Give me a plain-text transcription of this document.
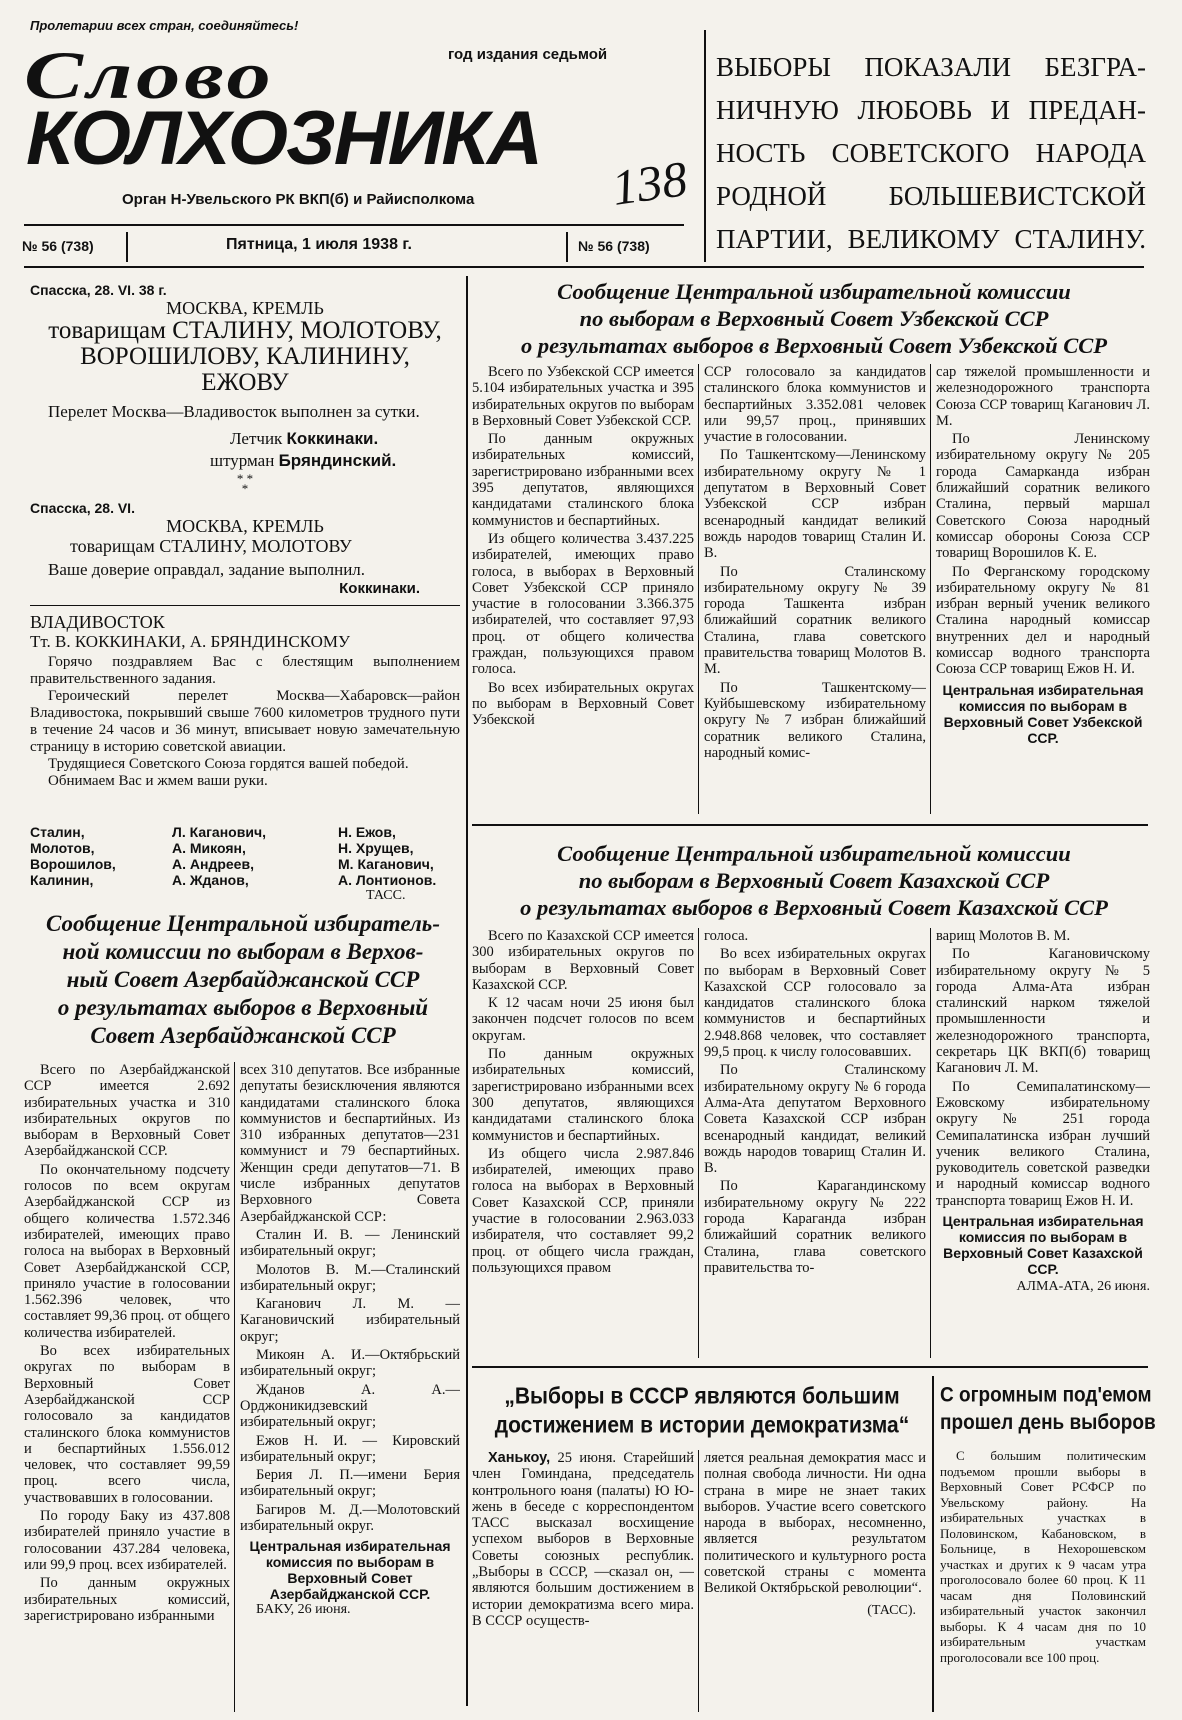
Пролетарии всех стран, соединяйтесь!
год издания седьмой
Слово
КОЛХОЗНИКА
Орган Н-Увельского РК ВКП(б) и Райисполкома	138
№ 56 (738)	Пятница, 1 июля 1938 г.	№ 56 (738)
ВЫБОРЫ ПОКАЗАЛИ БЕЗГРА-
НИЧНУЮ ЛЮБОВЬ И ПРЕДАН-
НОСТЬ СОВЕТСКОГО НАРОДА
РОДНОЙ БОЛЬШЕВИСТСКОЙ
ПАРТИИ, ВЕЛИКОМУ СТАЛИНУ.
Спасска, 28. VI. 38 г.
МОСКВА, КРЕМЛЬ
товарищам СТАЛИНУ, МОЛОТОВУ,
ВОРОШИЛОВУ, КАЛИНИНУ,
ЕЖОВУ
Перелет Москва—Владивосток выполнен за сутки.
Летчик Коккинаки.
штурман Бряндинский.
* *
*
Спасска, 28. VI.
МОСКВА, КРЕМЛЬ
товарищам СТАЛИНУ, МОЛОТОВУ
Ваше доверие оправдал, задание выполнил.
Коккинаки.
ВЛАДИВОСТОК
Тт. В. КОККИНАКИ, А. БРЯНДИНСКОМУ
Горячо поздравляем Вас с блестящим выполнением правительственного задания.
Героический перелет Москва—Хабаровск—район Владивостока, покрывший свыше 7600 километров трудного пути в течение 24 часов и 36 минут, вписывает новую замечательную страницу в историю советской авиации.
Трудящиеся Советского Союза гордятся вашей победой.
Обнимаем Вас и жмем ваши руки.
Сталин,
Молотов,
Ворошилов,
Калинин,
Л. Каганович,
А. Микоян,
А. Андреев,
А. Жданов,
Н. Ежов,
Н. Хрущев,
М. Каганович,
А. Лонтионов.
ТАСС.
Сообщение Центральной избирательной комиссии
по выборам в Верховный Совет Узбекской ССР
о результатах выборов в Верховный Совет Узбекской ССР

Всего по Узбекской ССР имеется 5.104 избирательных участка и 395 избирательных округов по выборам в Верховный Совет Узбекской ССР.

По данным окружных избирательных комиссий, зарегистрировано избранными всех 395 депутатов, являющихся кандидатами сталинского блока коммунистов и беспартийных.

Из общего количества 3.437.225 избирателей, имеющих право голоса, в выборах в Верховный Совет Узбекской ССР приняло участие в голосовании 3.366.375 избирателей, что составляет 97,93 проц. от общего количества граждан, пользующихся правом голоса.

Во всех избирательных округах по выборам в Верховный Совет Узбекской

ССР голосовало за кандидатов сталинского блока коммунистов и беспартийных 3.352.081 человек или 99,57 проц., принявших участие в голосовании.

По Ташкентскому—Ленинскому избирательному округу № 1 депутатом в Верховный Совет Узбекской ССР избран всенародный кандидат великий вождь народов товарищ Сталин И. В.

По Сталинскому избирательному округу № 39 города Ташкента избран ближайший соратник великого Сталина, глава советского правительства товарищ Молотов В. М.

По Ташкентскому—Куйбышевскому избирательному округу № 7 избран ближайший соратник великого Сталина, народный комис-

сар тяжелой промышленности и железнодорожного транспорта Союза ССР товарищ Каганович Л. М.

По Ленинскому избирательному округу № 205 города Самарканда избран ближайший соратник великого Сталина, первый маршал Советского Союза народный комиссар обороны Союза ССР товарищ Ворошилов К. Е.

По Ферганскому городскому избирательному округу № 81 избран верный ученик великого Сталина народный комиссар внутренних дел и народный комиссар водного транспорта Союза ССР товарищ Ежов Н. И.

Центральная избирательная комиссия по выборам в Верховный Совет Узбекской ССР.
Сообщение Центральной избирательной комиссии
по выборам в Верховный Совет Казахской ССР
о результатах выборов в Верховный Совет Казахской ССР

Всего по Казахской ССР имеется 300 избирательных округов по выборам в Верховный Совет Казахской ССР.

К 12 часам ночи 25 июня был закончен подсчет голосов по всем округам.

По данным окружных избирательных комиссий, зарегистрировано избранными всех 300 депутатов, являющихся кандидатами сталинского блока коммунистов и беспартийных.

Из общего числа 2.987.846 избирателей, имеющих право голоса на выборах в Верховный Совет Казахской ССР, приняли участие в голосовании 2.963.033 избирателя, что составляет 99,2 проц. от общего числа граждан, пользующихся правом

голоса.

Во всех избирательных округах по выборам в Верховный Совет Казахской ССР голосовало за кандидатов сталинского блока коммунистов и беспартийных 2.948.868 человек, что составляет 99,5 проц. к числу голосовавших.

По Сталинскому избирательному округу № 6 города Алма-Ата депутатом Верховного Совета Казахской ССР избран всенародный кандидат, великий вождь народов товарищ Сталин И. В.

По Карагандинскому избирательному округу № 222 города Караганда избран ближайший соратник великого Сталина, глава советского правительства то-

варищ Молотов В. М.

По Кагановичскому избирательному округу № 5 города Алма-Ата избран сталинский нарком тяжелой промышленности и железнодорожного транспорта, секретарь ЦК ВКП(б) товарищ Каганович Л. М.

По Семипалатинскому—Ежовскому избирательному округу № 251 города Семипалатинска избран лучший ученик великого Сталина, руководитель советской разведки и народный комиссар водного транспорта товарищ Ежов Н. И.

Центральная избирательная комиссия по выборам в Верховный Совет Казахской ССР.
АЛМА-АТА, 26 июня.
Сообщение Центральной избиратель-
ной комиссии по выборам в Верхов-
ный Совет Азербайджанской ССР
о результатах выборов в Верховный
Совет Азербайджанской ССР

Всего по Азербайджанской ССР имеется 2.692 избирательных участка и 310 избирательных округов по выборам в Верховный Совет Азербайджанской ССР.

По окончательному подсчету голосов по всем округам Азербайджанской ССР из общего количества 1.572.346 избирателей, имеющих право голоса на выборах в Верховный Совет Азербайджанской ССР, приняло участие в голосовании 1.562.396 человек, что составляет 99,36 проц. от общего количества избирателей.

Во всех избирательных округах по выборам в Верховный Совет Азербайджанской ССР голосовало за кандидатов сталинского блока коммунистов и беспартийных 1.556.012 человек, что составляет 99,59 проц. всего числа, участвовавших в голосовании.

По городу Баку из 437.808 избирателей приняло участие в голосовании 437.284 человека, или 99,9 проц. всех избирателей.

По данным окружных избирательных комиссий, зарегистрировано избранными

всех 310 депутатов. Все избранные депутаты безисключения являются кандидатами сталинского блока коммунистов и беспартийных. Из 310 избранных депутатов—231 коммунист и 79 беспартийных. Женщин среди депутатов—71. В числе избранных депутатов Верховного Совета Азербайджанской ССР:

Сталин И. В. — Ленинский избирательный округ;

Молотов В. М.—Сталинский избирательный округ;

Каганович Л. М. — Кагановичский избирательный округ;

Микоян А. И.—Октябрьский избирательный округ;

Жданов А. А.—Орджоникидзевский избирательный округ;

Ежов Н. И. — Кировский избирательный округ;

Берия Л. П.—имени Берия избирательный округ;

Багиров М. Д.—Молотовский избирательный округ.

Центральная избирательная комиссия по выборам в Верховный Совет Азербайджанской ССР.
БАКУ, 26 июня.
„Выборы в СССР являются большим
достижением в истории демократизма“

Ханькоу, 25 июня. Старейший член Гоминдана, председатель контрольного юаня (палаты) Ю Ю-жень в беседе с корреспондентом ТАСС высказал восхищение успехом выборов в Верховные Советы союзных республик. „Выборы в СССР, —сказал он, — являются большим достижением в истории демократизма всего мира. В СССР осуществ-

ляется реальная демократия масс и полная свобода личности. Ни одна страна в мире не знает таких выборов. Участие всего советского народа в выборах, несомненно, является результатом политического и культурного роста советской страны с момента Великой Октябрьской революции“.

(ТАСС).
С огромным под'емом
прошел день выборов

С большим политическим подъемом прошли выборы в Верховный Совет РСФСР по Увельскому району. На избирательных участках в Половинском, Кабановском, в Больнице, в Нехорошевском участках и других к 9 часам утра проголосовало более 60 проц. К 11 часам дня Половинский избирательный участок закончил выборы. К 4 часам дня по 10 избирательным участкам проголосовали все 100 проц.
